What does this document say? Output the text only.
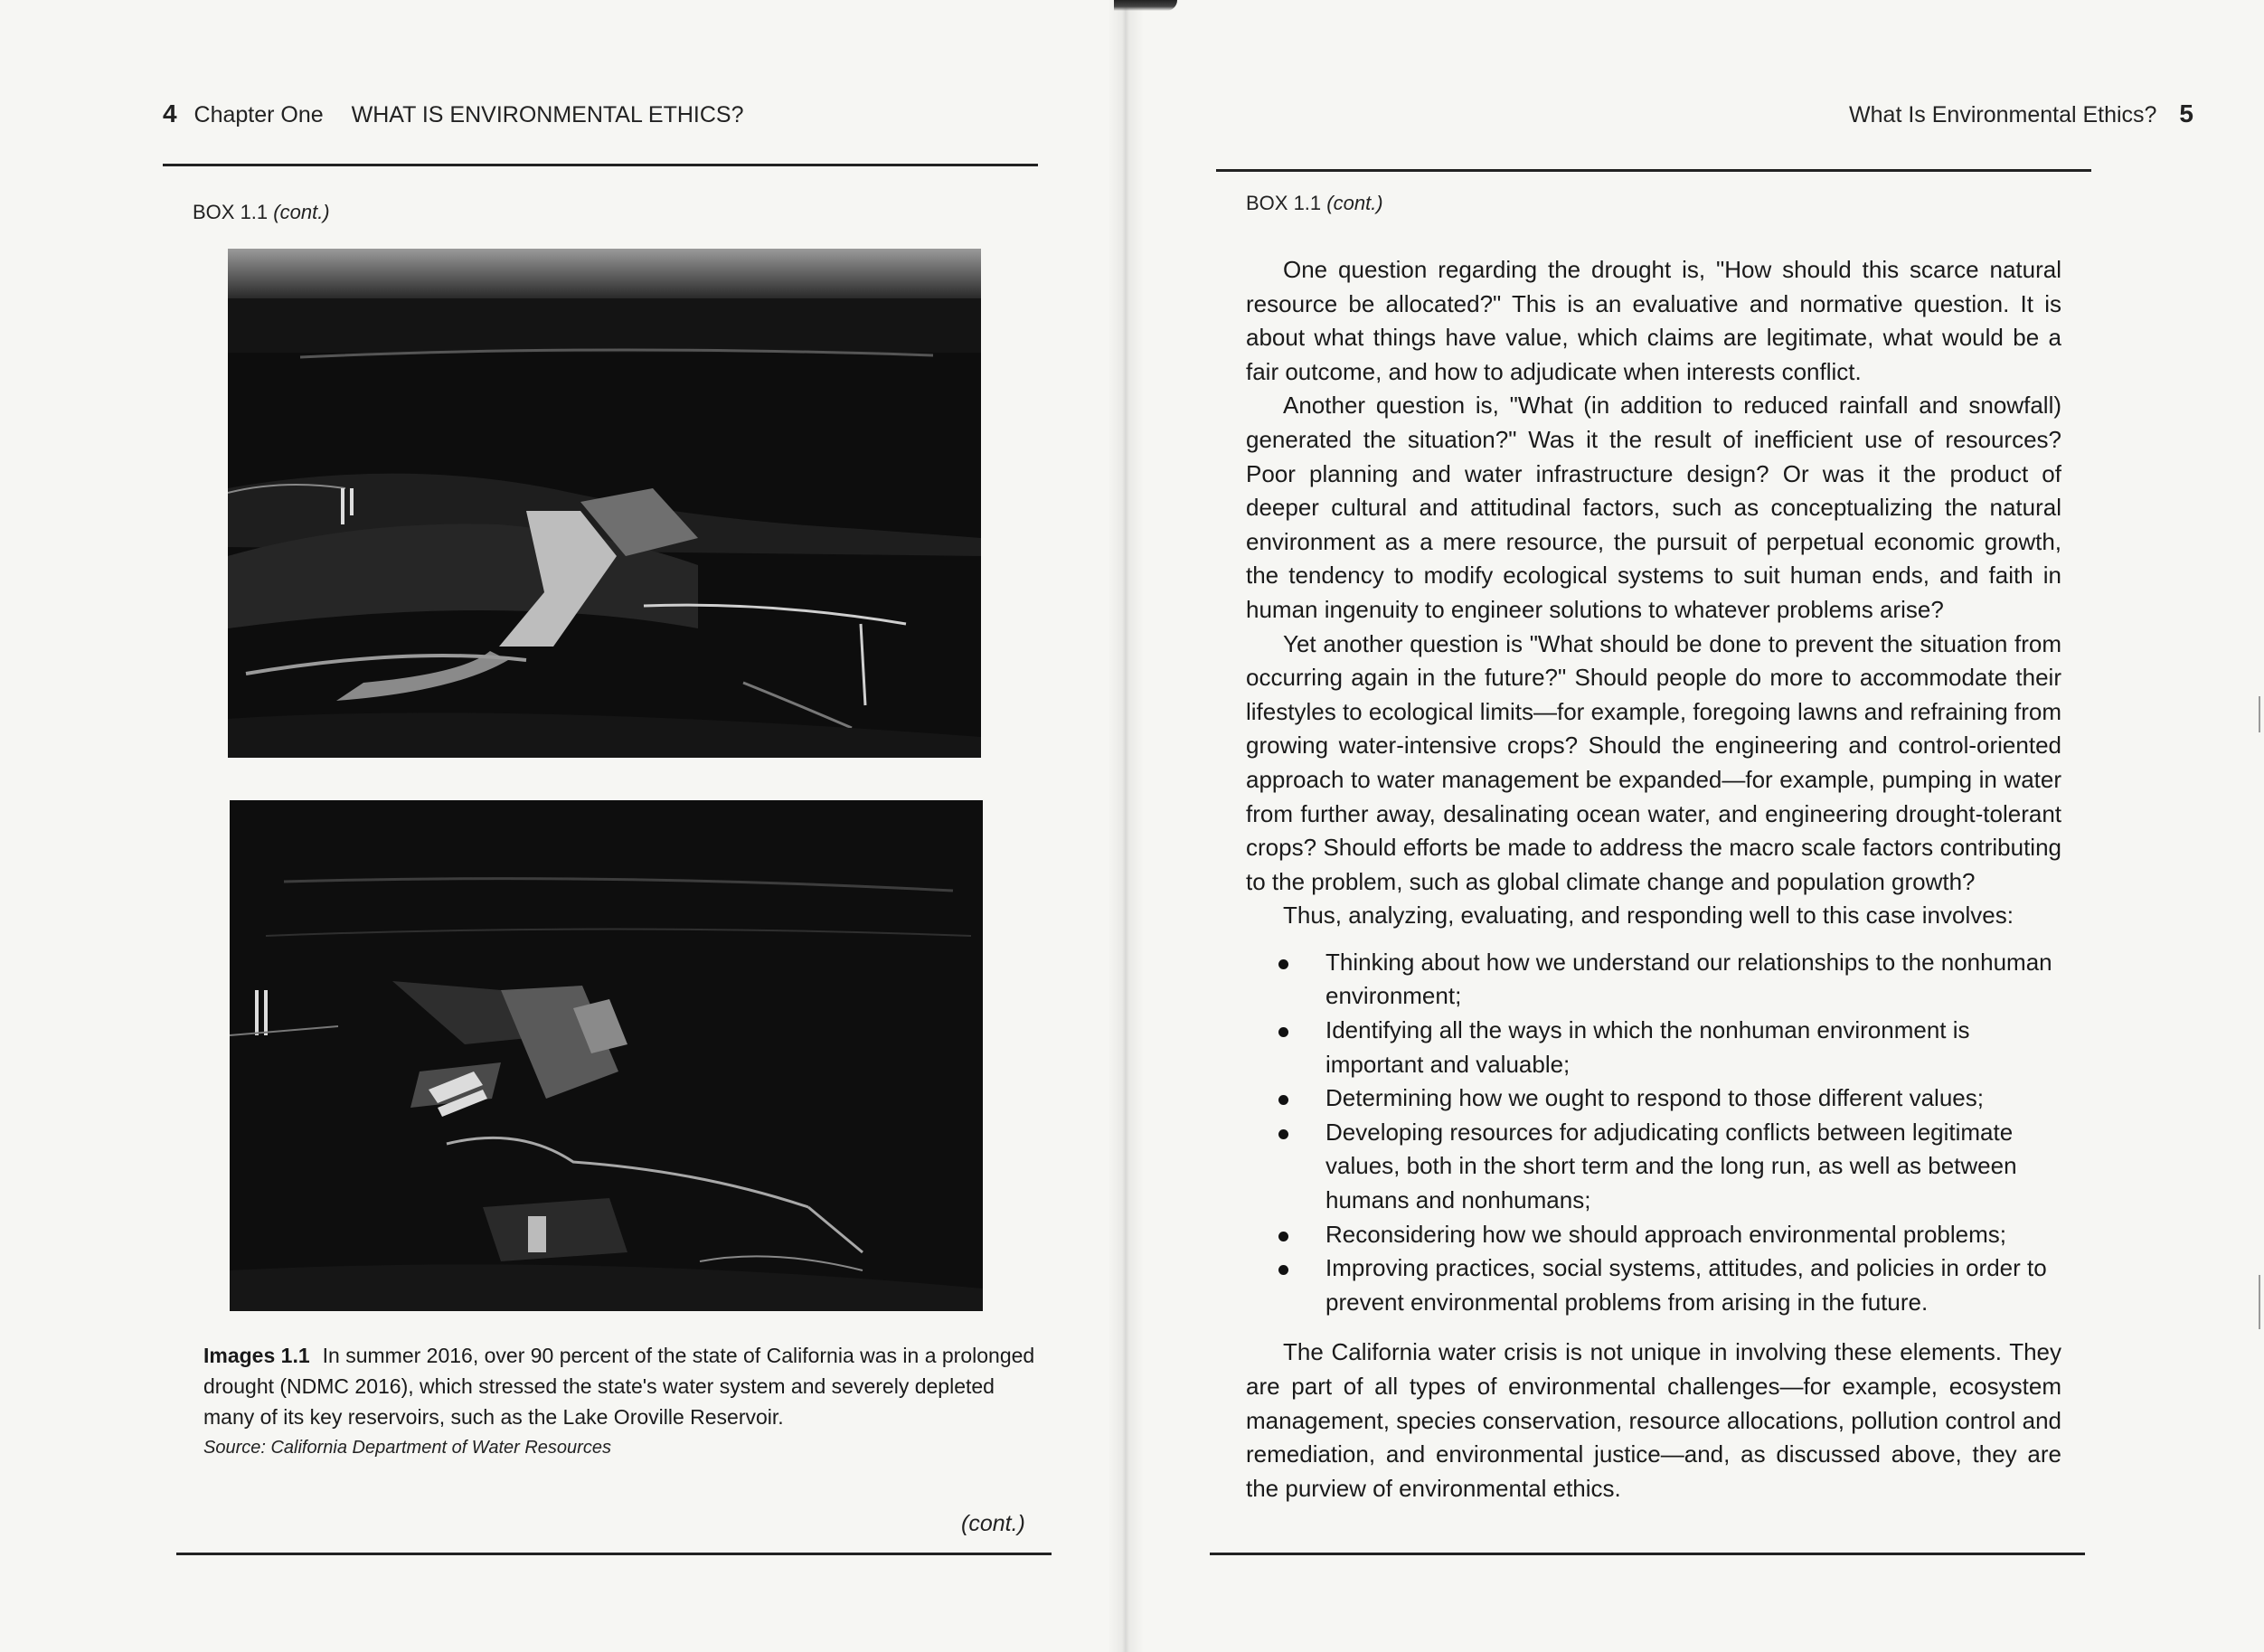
4 Chapter One WHAT IS ENVIRONMENTAL ETHICS?
BOX 1.1 (cont.)
Images 1.1 In summer 2016, over 90 percent of the state of California was in a prolonged drought (NDMC 2016), which stressed the state's water system and severely depleted many of its key reservoirs, such as the Lake Oroville Reservoir.
Source: California Department of Water Resources
(cont.)
What Is Environmental Ethics? 5
BOX 1.1 (cont.)

One question regarding the drought is, "How should this scarce natural resource be allocated?" This is an evaluative and normative question. It is about what things have value, which claims are legitimate, what would be a fair outcome, and how to adjudicate when interests conflict.

Another question is, "What (in addition to reduced rainfall and snowfall) generated the situation?" Was it the result of inefficient use of resources? Poor planning and water infrastructure design? Or was it the product of deeper cultural and attitudinal factors, such as conceptualizing the natural environment as a mere resource, the pursuit of perpetual economic growth, the tendency to modify ecological systems to suit human ends, and faith in human ingenuity to engineer solutions to whatever problems arise?

Yet another question is "What should be done to prevent the situation from occurring again in the future?" Should people do more to accommodate their lifestyles to ecological limits—for example, foregoing lawns and refraining from growing water-intensive crops? Should the engineering and control-oriented approach to water management be expanded—for example, pumping in water from further away, desalinating ocean water, and engineering drought-tolerant crops? Should efforts be made to address the macro scale factors contributing to the problem, such as global climate change and population growth?

Thus, analyzing, evaluating, and responding well to this case involves:

Thinking about how we understand our relationships to the nonhuman environment;
Identifying all the ways in which the nonhuman environment is important and valuable;
Determining how we ought to respond to those different values;
Developing resources for adjudicating conflicts between legitimate values, both in the short term and the long run, as well as between humans and nonhumans;
Reconsidering how we should approach environmental problems;
Improving practices, social systems, attitudes, and policies in order to prevent environmental problems from arising in the future.

The California water crisis is not unique in involving these elements. They are part of all types of environmental challenges—for example, ecosystem management, species conservation, resource allocations, pollution control and remediation, and environmental justice—and, as discussed above, they are the purview of environmental ethics.
